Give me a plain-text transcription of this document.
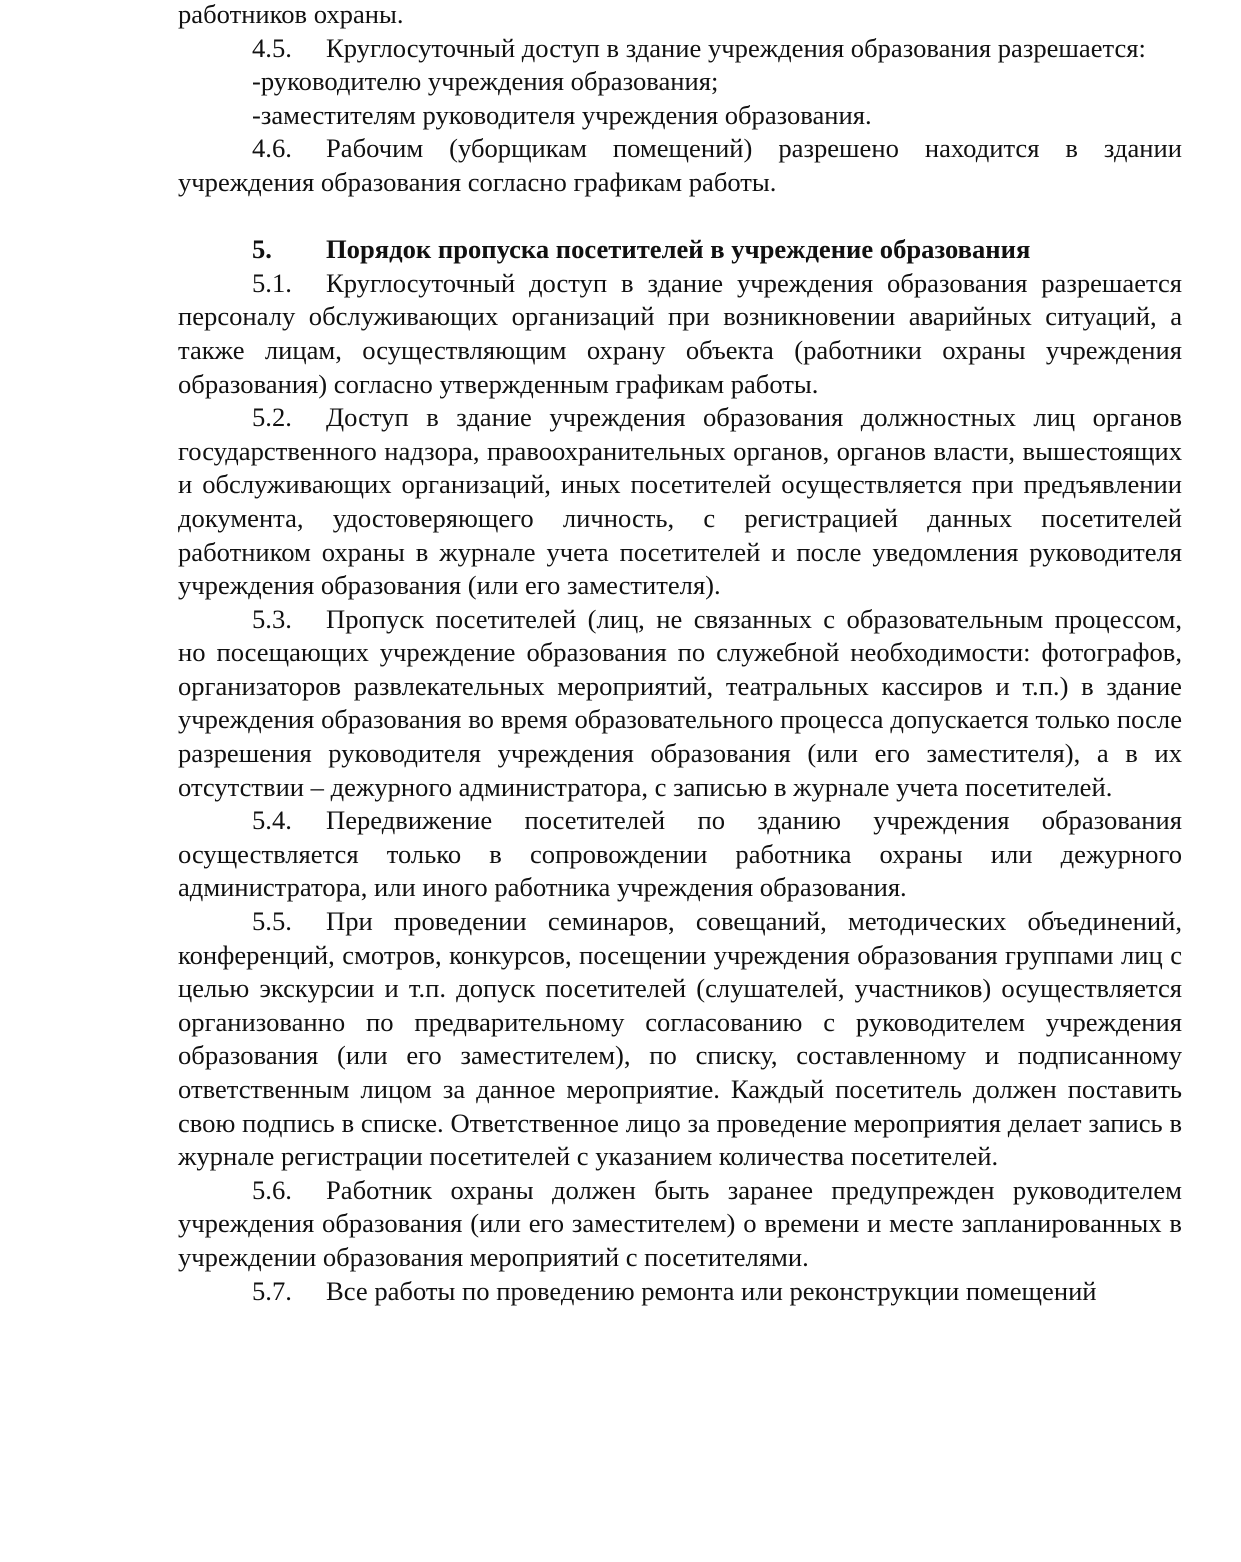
работников охраны.

4.5. Круглосуточный доступ в здание учреждения образования разрешается:

-руководителю учреждения образования;

-заместителям руководителя учреждения образования.

4.6. Рабочим (уборщикам помещений) разрешено находится в здании учреждения образования согласно графикам работы.

5. Порядок пропуска посетителей в учреждение образования

5.1. Круглосуточный доступ в здание учреждения образования разрешается персоналу обслуживающих организаций при возникновении аварийных ситуаций, а также лицам, осуществляющим охрану объекта (работники охраны учреждения образования) согласно утвержденным графикам работы.

5.2. Доступ в здание учреждения образования должностных лиц органов государственного надзора, правоохранительных органов, органов власти, вышестоящих и обслуживающих организаций, иных посетителей осуществляется при предъявлении документа, удостоверяющего личность, с регистрацией данных посетителей работником охраны в журнале учета посетителей и после уведомления руководителя учреждения образования (или его заместителя).

5.3. Пропуск посетителей (лиц, не связанных с образовательным процессом, но посещающих учреждение образования по служебной необходимости: фотографов, организаторов развлекательных мероприятий, театральных кассиров и т.п.) в здание учреждения образования во время образовательного процесса допускается только после разрешения руководителя учреждения образования (или его заместителя), а в их отсутствии – дежурного администратора, с записью в журнале учета посетителей.

5.4. Передвижение посетителей по зданию учреждения образования осуществляется только в сопровождении работника охраны или дежурного администратора, или иного работника учреждения образования.

5.5. При проведении семинаров, совещаний, методических объединений, конференций, смотров, конкурсов, посещении учреждения образования группами лиц с целью экскурсии и т.п. допуск посетителей (слушателей, участников) осуществляется организованно по предварительному согласованию с руководителем учреждения образования (или его заместителем), по списку, составленному и подписанному ответственным лицом за данное мероприятие. Каждый посетитель должен поставить свою подпись в списке. Ответственное лицо за проведение мероприятия делает запись в журнале регистрации посетителей с указанием количества посетителей.

5.6. Работник охраны должен быть заранее предупрежден руководителем учреждения образования (или его заместителем) о времени и месте запланированных в учреждении образования мероприятий с посетителями.

5.7. Все работы по проведению ремонта или реконструкции помещений
